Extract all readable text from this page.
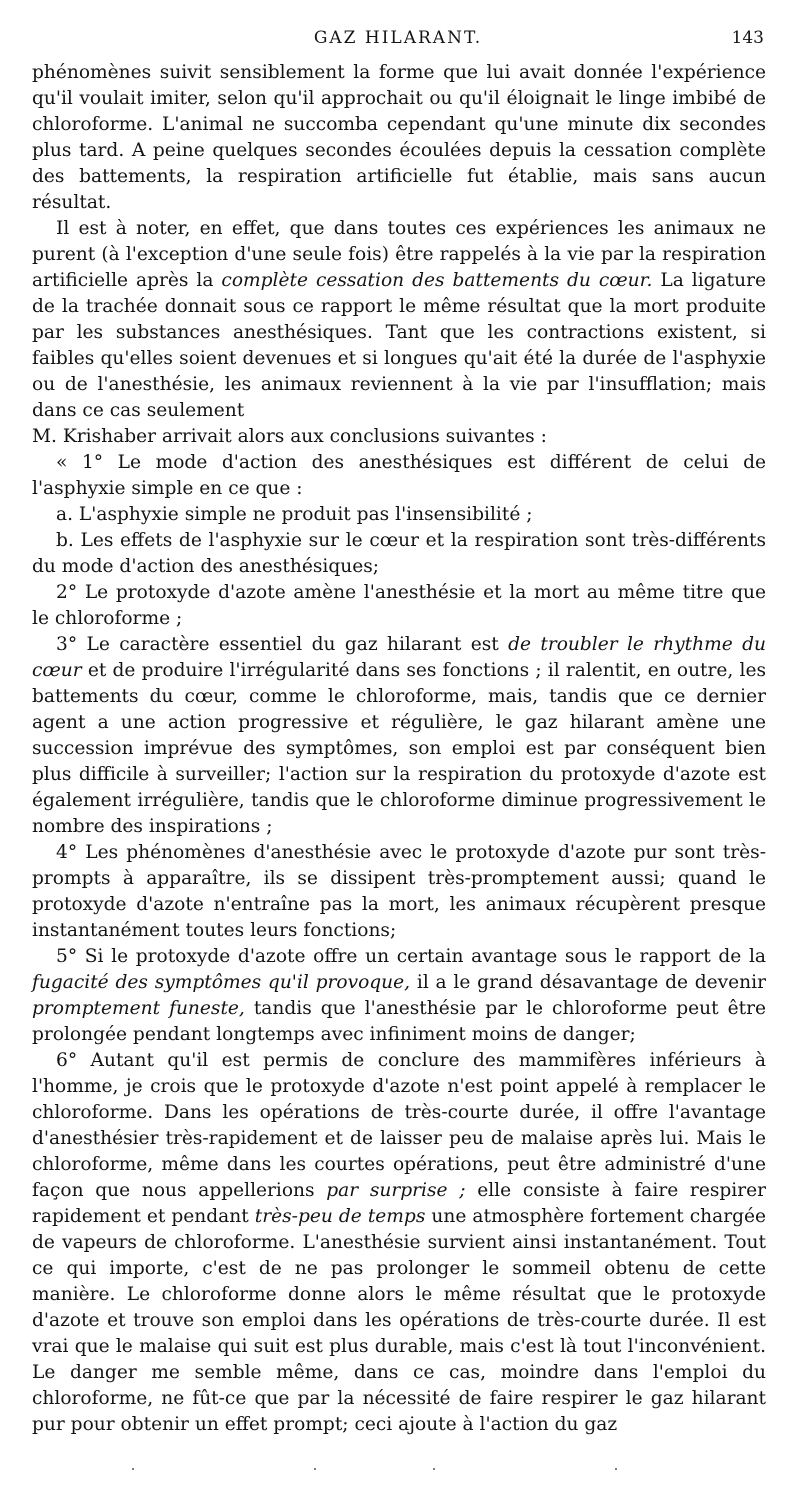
GAZ HILARANT.	143

phénomènes suivit sensiblement la forme que lui avait donnée l'expérience qu'il voulait imiter, selon qu'il approchait ou qu'il éloignait le linge imbibé de chloroforme. L'animal ne succomba cependant qu'une minute dix secondes plus tard. A peine quelques secondes écoulées depuis la cessation complète des battements, la respiration artificielle fut établie, mais sans aucun résultat.

Il est à noter, en effet, que dans toutes ces expériences les animaux ne purent (à l'exception d'une seule fois) être rappelés à la vie par la respiration artificielle après la complète cessation des battements du cœur. La ligature de la trachée donnait sous ce rapport le même résultat que la mort produite par les substances anesthésiques. Tant que les contractions existent, si faibles qu'elles soient devenues et si longues qu'ait été la durée de l'asphyxie ou de l'anesthésie, les animaux reviennent à la vie par l'insufflation; mais dans ce cas seulement

M. Krishaber arrivait alors aux conclusions suivantes :

« 1° Le mode d'action des anesthésiques est différent de celui de l'asphyxie simple en ce que :

a. L'asphyxie simple ne produit pas l'insensibilité ;

b. Les effets de l'asphyxie sur le cœur et la respiration sont très-différents du mode d'action des anesthésiques;

2° Le protoxyde d'azote amène l'anesthésie et la mort au même titre que le chloroforme ;

3° Le caractère essentiel du gaz hilarant est de troubler le rhythme du cœur et de produire l'irrégularité dans ses fonctions ; il ralentit, en outre, les battements du cœur, comme le chloroforme, mais, tandis que ce dernier agent a une action progressive et régulière, le gaz hilarant amène une succession imprévue des symptômes, son emploi est par conséquent bien plus difficile à surveiller; l'action sur la respiration du protoxyde d'azote est également irrégulière, tandis que le chloroforme diminue progressivement le nombre des inspirations ;

4° Les phénomènes d'anesthésie avec le protoxyde d'azote pur sont très-prompts à apparaître, ils se dissipent très-promptement aussi; quand le protoxyde d'azote n'entraîne pas la mort, les animaux récupèrent presque instantanément toutes leurs fonctions;

5° Si le protoxyde d'azote offre un certain avantage sous le rapport de la fugacité des symptômes qu'il provoque, il a le grand désavantage de devenir promptement funeste, tandis que l'anesthésie par le chloroforme peut être prolongée pendant longtemps avec infiniment moins de danger;

6° Autant qu'il est permis de conclure des mammifères inférieurs à l'homme, je crois que le protoxyde d'azote n'est point appelé à remplacer le chloroforme. Dans les opérations de très-courte durée, il offre l'avantage d'anesthésier très-rapidement et de laisser peu de malaise après lui. Mais le chloroforme, même dans les courtes opérations, peut être administré d'une façon que nous appellerions par surprise ; elle consiste à faire respirer rapidement et pendant très-peu de temps une atmosphère fortement chargée de vapeurs de chloroforme. L'anesthésie survient ainsi instantanément. Tout ce qui importe, c'est de ne pas prolonger le sommeil obtenu de cette manière. Le chloroforme donne alors le même résultat que le protoxyde d'azote et trouve son emploi dans les opérations de très-courte durée. Il est vrai que le malaise qui suit est plus durable, mais c'est là tout l'inconvénient. Le danger me semble même, dans ce cas, moindre dans l'emploi du chloroforme, ne fût-ce que par la nécessité de faire respirer le gaz hilarant pur pour obtenir un effet prompt; ceci ajoute à l'action du gaz
